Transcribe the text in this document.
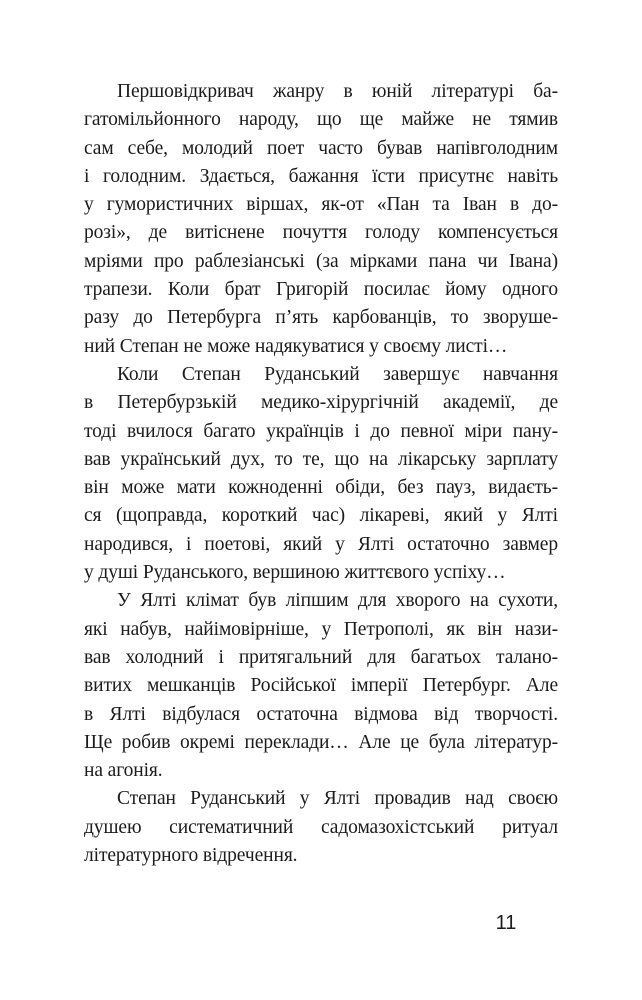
Першовідкривач жанру в юній літературі ба-
гатомільйонного народу, що ще майже не тямив
сам себе, молодий поет часто бував напівголодним
і голодним. Здається, бажання їсти присутнє навіть
у гумористичних віршах, як-от «Пан та Іван в до-
розі», де витіснене почуття голоду компенсується
мріями про раблезіанські (за мірками пана чи Івана)
трапези. Коли брат Григорій посилає йому одного
разу до Петербурга п’ять карбованців, то зворуше-
ний Степан не може надякуватися у своєму листі…
Коли Степан Руданський завершує навчання
в Петербурзькій медико-хірургічній академії, де
тоді вчилося багато українців і до певної міри пану-
вав український дух, то те, що на лікарську зарплату
він може мати кожноденні обіди, без пауз, видаєть-
ся (щоправда, короткий час) лікареві, який у Ялті
народився, і поетові, який у Ялті остаточно завмер
у душі Руданського, вершиною життєвого успіху…
У Ялті клімат був ліпшим для хворого на сухоти,
які набув, найімовірніше, у Петрополі, як він нази-
вав холодний і притягальний для багатьох талано-
витих мешканців Російської імперії Петербург. Але
в Ялті відбулася остаточна відмова від творчості.
Ще робив окремі переклади… Але це була літератур-
на агонія.
Степан Руданський у Ялті провадив над своєю
душею систематичний садомазохістський ритуал
літературного відречення.
11
